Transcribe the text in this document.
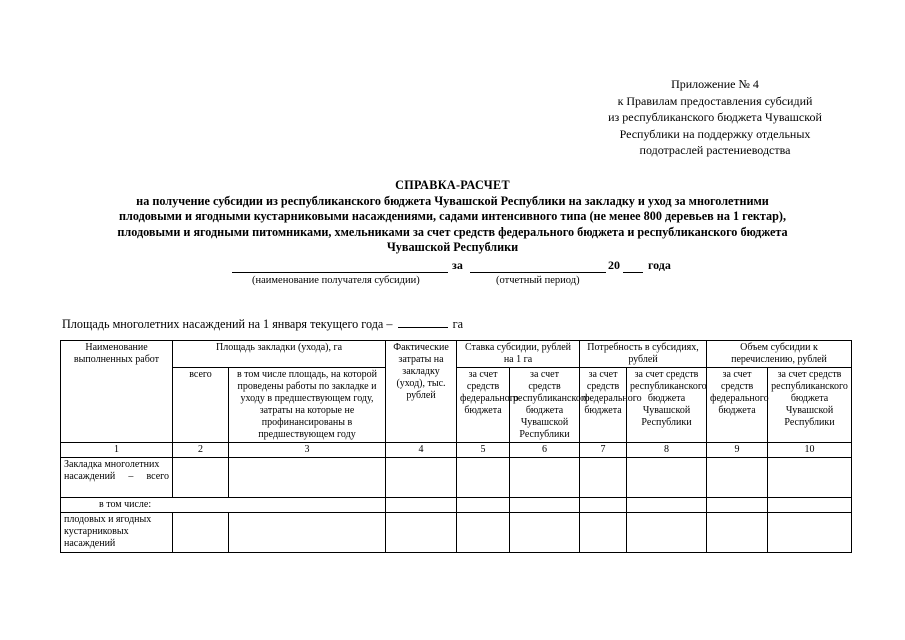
Приложение № 4
к Правилам предоставления субсидий
из республиканского бюджета Чувашской
Республики на поддержку отдельных
подотраслей растениеводства
СПРАВКА-РАСЧЕТ
на получение субсидии из республиканского бюджета Чувашской Республики на закладку и уход за многолетними
плодовыми и ягодными кустарниковыми насаждениями, садами интенсивного типа (не менее 800 деревьев на 1 гектар),
плодовыми и ягодными питомниками, хмельниками за счет средств федерального бюджета и республиканского бюджета
Чувашской Республики
за	20 года
(наименование получателя субсидии)	(отчетный период)
Площадь многолетних насаждений на 1 января текущего года –	га
Наименование выполненных работ	Площадь закладки (ухода), га		Фактические затраты на закладку (уход), тыс. рублей	Ставка субсидии, рублей на 1 га		Потребность в субсидиях, рублей		Объем субсидии к перечислению, рублей	
	всего	в том числе площадь, на которой проведены работы по закладке и уходу в предшествующем году, затраты на которые не профинансированы в предшествующем году		за счет средств федерального бюджета	за счет средств республиканского бюджета Чувашской Республики	за счет средств федерального бюджета	за счет средств республиканского бюджета Чувашской Республики	за счет средств федерального бюджета	за счет средств республиканского бюджета Чувашской Республики
1	2	3	4	5	6	7	8	9	10
Закладка многолетних насаждений – всего									
в том числе:									
плодовых и ягодных кустарниковых насаждений									
